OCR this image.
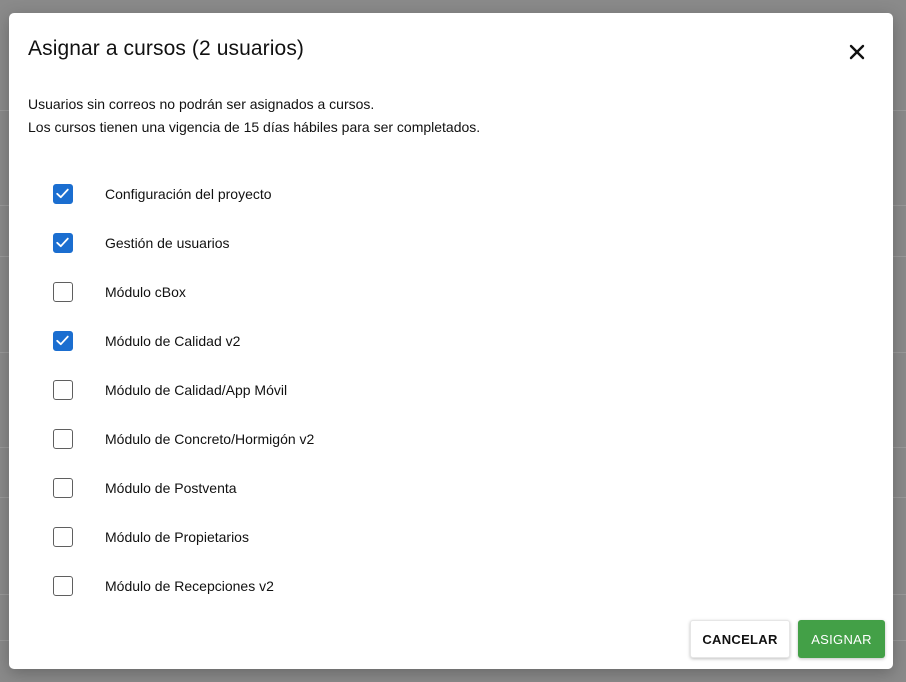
Asignar a cursos (2 usuarios)
Usuarios sin correos no podrán ser asignados a cursos.
Los cursos tienen una vigencia de 15 días hábiles para ser completados.
Configuración del proyecto
Gestión de usuarios
Módulo cBox
Módulo de Calidad v2
Módulo de Calidad/App Móvil
Módulo de Concreto/Hormigón v2
Módulo de Postventa
Módulo de Propietarios
Módulo de Recepciones v2
CANCELAR	ASIGNAR
